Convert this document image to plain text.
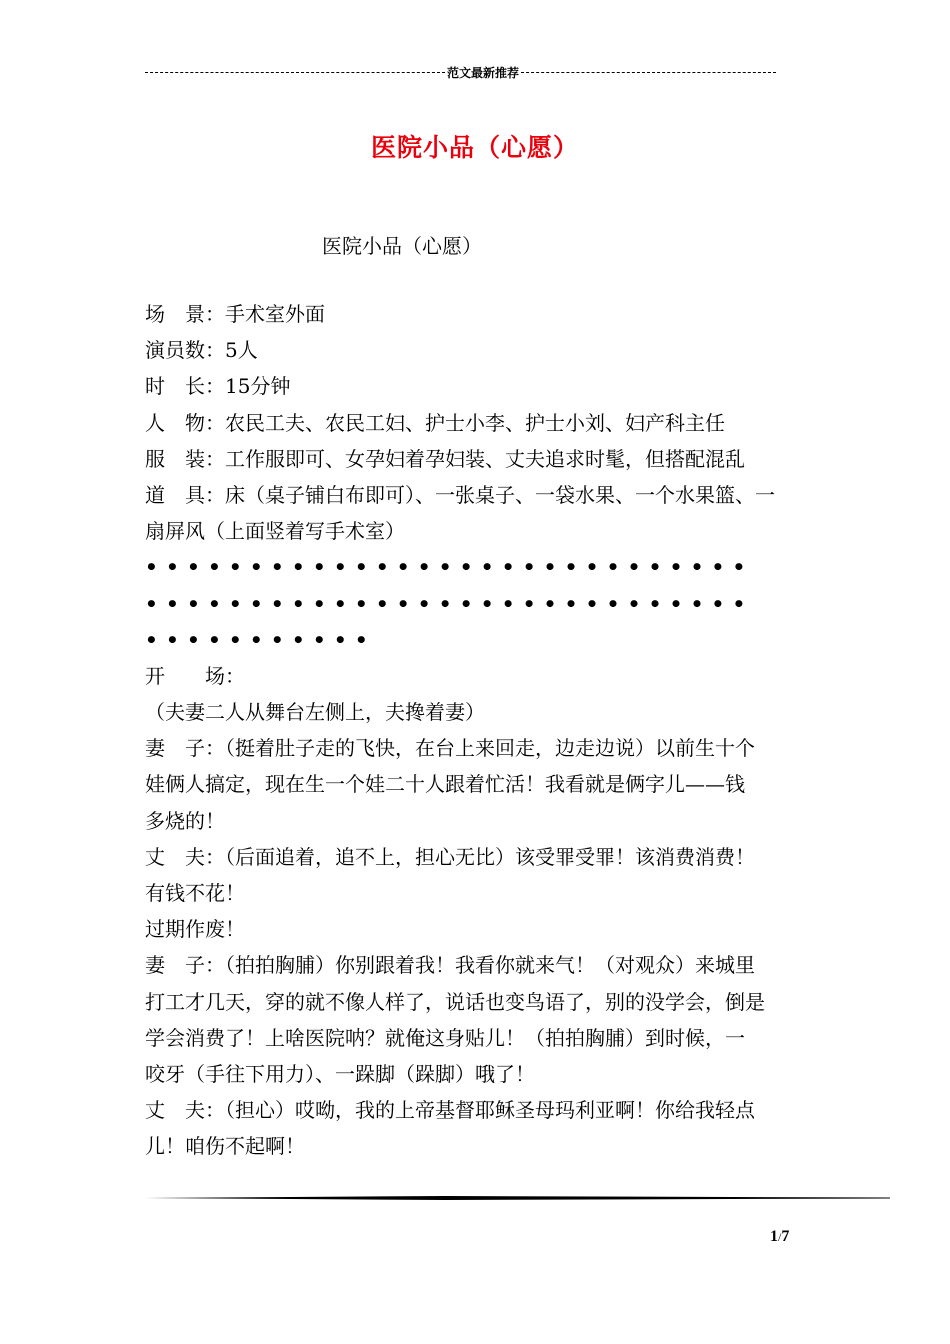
范文最新推荐
医院小品（心愿）
医院小品（心愿）
场　景：手术室外面
演员数：5人
时　长：15分钟
人　物：农民工夫、农民工妇、护士小李、护士小刘、妇产科主任
服　装：工作服即可、女孕妇着孕妇装、丈夫追求时髦，但搭配混乱
道　具：床（桌子铺白布即可）、一张桌子、一袋水果、一个水果篮、一
扇屏风（上面竖着写手术室）
•••••••••••••••••••••••••••••
•••••••••••••••••••••••••••••
•••••••••••
开　　场：
（夫妻二人从舞台左侧上，夫搀着妻）
妻　子：（挺着肚子走的飞快，在台上来回走，边走边说）以前生十个
娃俩人搞定，现在生一个娃二十人跟着忙活！我看就是俩字儿——钱
多烧的！
丈　夫：（后面追着，追不上，担心无比）该受罪受罪！该消费消费！
有钱不花！
过期作废！
妻　子：（拍拍胸脯）你别跟着我！我看你就来气！（对观众）来城里
打工才几天，穿的就不像人样了，说话也变鸟语了，别的没学会，倒是
学会消费了！上啥医院呐？就俺这身贴儿！（拍拍胸脯）到时候，一
咬牙（手往下用力）、一跺脚（跺脚）哦了！
丈　夫：（担心）哎呦，我的上帝基督耶稣圣母玛利亚啊！你给我轻点
儿！咱伤不起啊！
1/7
